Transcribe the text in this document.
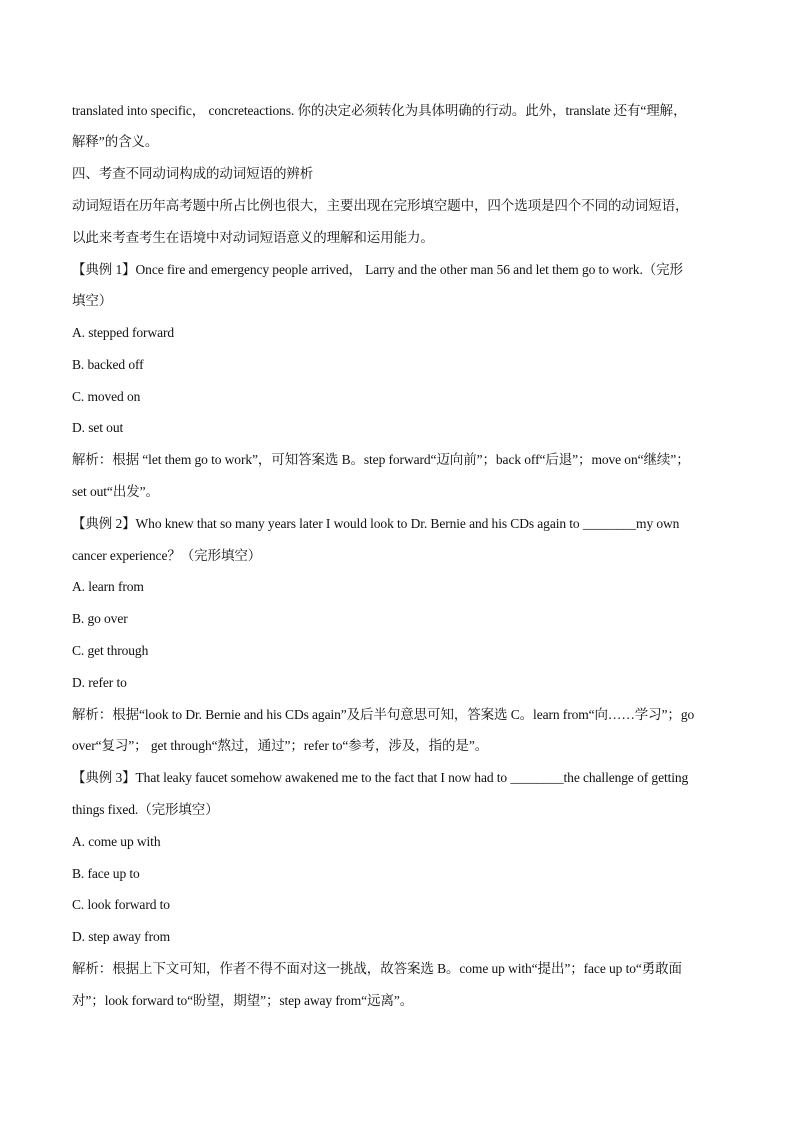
translated into specific， concreteactions. 你的决定必须转化为具体明确的行动。此外，translate 还有“理解，
解释”的含义。
四、考查不同动词构成的动词短语的辨析
动词短语在历年高考题中所占比例也很大，主要出现在完形填空题中，四个选项是四个不同的动词短语，
以此来考查考生在语境中对动词短语意义的理解和运用能力。
【典例 1】Once fire and emergency people arrived， Larry and the other man 56 and let them go to work.（完形
填空）
A. stepped forward
B. backed off
C. moved on
D. set out
解析：根据 “let them go to work”，可知答案选 B。step forward“迈向前”；back off“后退”；move on“继续”；
set out“出发”。
【典例 2】Who knew that so many years later I would look to Dr. Bernie and his CDs again to ________my own
cancer experience？（完形填空）
A. learn from
B. go over
C. get through
D. refer to
解析：根据“look to Dr. Bernie and his CDs again”及后半句意思可知，答案选 C。learn from“向……学习”；go
over“复习”； get through“熬过，通过”；refer to“参考，涉及，指的是”。
【典例 3】That leaky faucet somehow awakened me to the fact that I now had to ________the challenge of getting
things fixed.（完形填空）
A. come up with
B. face up to
C. look forward to
D. step away from
解析：根据上下文可知，作者不得不面对这一挑战，故答案选 B。come up with“提出”；face up to“勇敢面
对”；look forward to“盼望，期望”；step away from“远离”。
